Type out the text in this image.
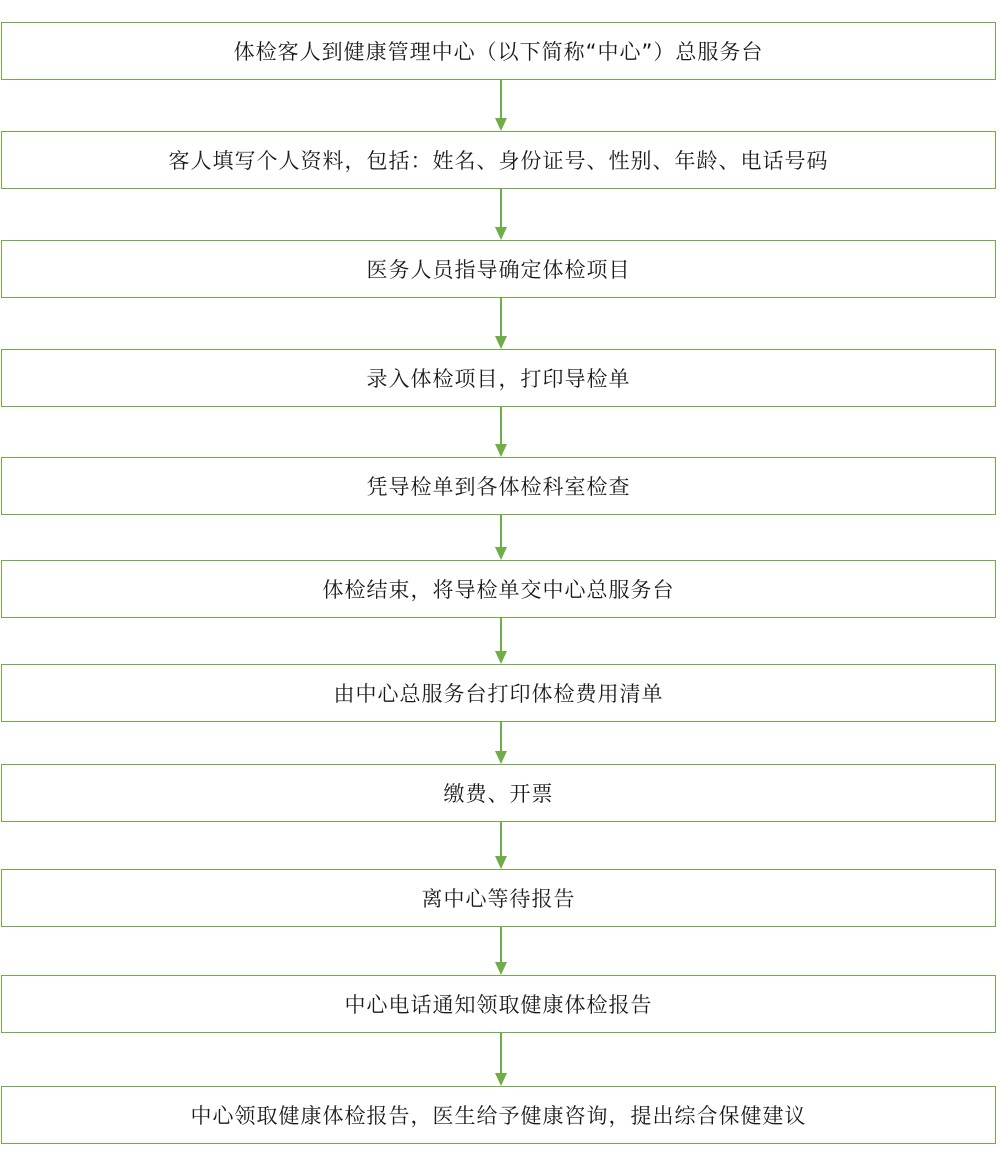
体检客人到健康管理中心（以下简称“中心”）总服务台
客人填写个人资料，包括：姓名、身份证号、性别、年龄、电话号码
医务人员指导确定体检项目
录入体检项目，打印导检单
凭导检单到各体检科室检查
体检结束，将导检单交中心总服务台
由中心总服务台打印体检费用清单
缴费、开票
离中心等待报告
中心电话通知领取健康体检报告
中心领取健康体检报告，医生给予健康咨询，提出综合保健建议
